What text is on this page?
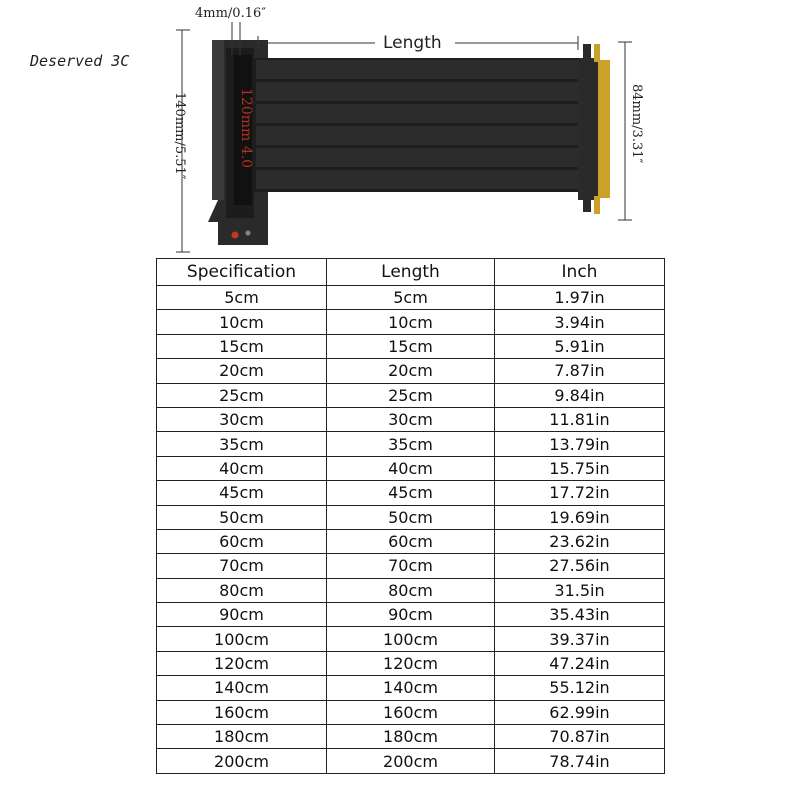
Deserved 3C
120mm 4.0
4mm/0.16″
Length
140mm/5.51″	84mm/3.31″
Specification	Length	Inch
5cm	5cm	1.97in
10cm	10cm	3.94in
15cm	15cm	5.91in
20cm	20cm	7.87in
25cm	25cm	9.84in
30cm	30cm	11.81in
35cm	35cm	13.79in
40cm	40cm	15.75in
45cm	45cm	17.72in
50cm	50cm	19.69in
60cm	60cm	23.62in
70cm	70cm	27.56in
80cm	80cm	31.5in
90cm	90cm	35.43in
100cm	100cm	39.37in
120cm	120cm	47.24in
140cm	140cm	55.12in
160cm	160cm	62.99in
180cm	180cm	70.87in
200cm	200cm	78.74in
